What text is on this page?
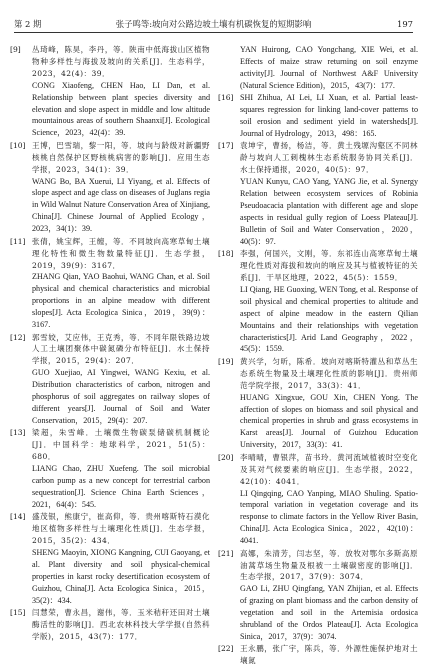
第 2 期	张子鸣等:坡向对公路边坡土壤有机碳恢复的短期影响	197
[9]	丛琦峰，陈昊，李丹，等．陕南中低海拔山区植物物种多样性与海拔及坡向的关系[J]．生态科学，2023，42(4)：39．
CONG Xiaofeng, CHEN Hao, LI Dan, et al. Relationship between plant species diversity and elevation and slope aspect in middle and low altitude mountainous areas of southern Shaanxi[J]. Ecological Science，2023，42(4)：39.
[10] 王博，巴雪瑞，黎一阳，等．坡向与龄级对新疆野核桃自然保护区野核桃病害的影响[J]．应用生态学报，2023，34(1)：39．
WANG Bo, BA Xuerui, LI Yiyang, et al. Effects of slope aspect and age class on diseases of Juglans regia in Wild Walnut Nature Conservation Area of Xinjiang, China[J]. Chinese Journal of Applied Ecology，2023，34(1)：39.
[11] 张倩，姚宝辉，王缠，等．不同坡向高寒草甸土壤理化特性和微生物数量特征[J]．生态学报，2019，39(9)：3167．
ZHANG Qian, YAO Baohui, WANG Chan, et al. Soil physical and chemical characteristics and microbial proportions in an alpine meadow with different slopes[J]. Acta Ecologica Sinica，2019，39(9)：3167.
[12] 郭雪姣，艾应伟，王克秀，等．不同年限铁路边坡人工土壤团聚体中碳氮磷分布特征[J]．水土保持学报，2015，29(4)：207．
GUO Xuejiao, AI Yingwei, WANG Kexiu, et al. Distribution characteristics of carbon, nitrogen and phosphorus of soil aggregates on railway slopes of different years[J]. Journal of Soil and Water Conservation，2015，29(4)：207.
[13] 梁超，朱雪峰．土壤微生物碳泵储碳机制概论[J]．中国科学：地球科学，2021，51(5)：680．
LIANG Chao, ZHU Xuefeng. The soil microbial carbon pump as a new concept for terrestrial carbon sequestration[J]. Science China Earth Sciences，2021，64(4)：545.
[14] 盛茂银，熊康宁，崔高仰，等．贵州喀斯特石漠化地区植物多样性与土壤理化性质[J]．生态学报，2015，35(2)：434．
SHENG Maoyin, XIONG Kangning, CUI Gaoyang, et al. Plant diversity and soil physical-chemical properties in karst rocky desertification ecosystem of Guizhou, China[J]. Acta Ecologica Sinica，2015，35(2)：434.
[15] 闫慧荣，曹永昌，谢伟，等．玉米秸秆还田对土壤酶活性的影响[J]．西北农林科技大学学报(自然科学版)，2015，43(7)：177．
YAN Huirong, CAO Yongchang, XIE Wei, et al. Effects of maize straw returning on soil enzyme activity[J]. Journal of Northwest A&F University (Natural Science Edition)，2015，43(7)：177.
[16] SHI Zhihua, AI Lei, LI Xuan, et al. Partial least-squares regression for linking land-cover patterns to soil erosion and sediment yield in watersheds[J]. Journal of Hydrology，2013，498：165.
[17] 袁坤宇，曹扬，杨洁，等．黄土残塬沟壑区不同林龄与坡向人工刺槐林生态系统服务协同关系[J]．水土保持通报，2020，40(5)：97．
YUAN Kunyu, CAO Yang, YANG Jie, et al. Synergy Relation between ecosystem services of Robinia Pseudoacacia plantation with different age and slope aspects in residual gully region of Loess Plateau[J]. Bulletin of Soil and Water Conservation，2020，40(5)：97.
[18] 李强，何国兴，文刚，等．东祁连山高寒草甸土壤理化性质对海拔和坡向的响应及其与植被特征的关系[J]．干旱区地理，2022，45(5)：1559．
LI Qiang, HE Guoxing, WEN Tong, et al. Response of soil physical and chemical properties to altitude and aspect of alpine meadow in the eastern Qilian Mountains and their relationships with vegetation characteristics[J]. Arid Land Geography，2022，45(5)：1559.
[19] 黄兴学，匀昕，陈希．坡向对喀斯特灌丛和草丛生态系统生物量及土壤理化性质的影响[J]．贵州师范学院学报，2017，33(3)：41．
HUANG Xingxue, GOU Xin, CHEN Yong. The affection of slopes on biomass and soil physical and chemical properties in shrub and grass ecosystems in Karst areas[J]. Journal of Guizhou Education University，2017，33(3)：41.
[20] 李晴晴，曹银萍，苗书玲．黄河流域植被时空变化及其对气候要素的响应[J]．生态学报，2022，42(10)：4041．
LI Qingqing, CAO Yanping, MIAO Shuling. Spatio-temporal variation in vegetation coverage and its response to climate factors in the Yellow River Basin, China[J]. Acta Ecologica Sinica，2022，42(10)：4041.
[21] 高娜，朱清芳，闫志坚，等．放牧对鄂尔多斯高原油蒿草场生物量及根被一土壤碳密度的影响[J]．生态学报，2017，37(9)：3074．
GAO Li, ZHU Qingfang, YAN Zhijian, et al. Effects of grazing on plant biomass and the carbon density of vegetation and soil in the Artemisia ordosica shrubland of the Ordos Plateau[J]. Acta Ecologica Sinica，2017，37(9)：3074.
[22] 王永鹏，张广宇，陈兵，等．外源性施保护地对土壤氮
